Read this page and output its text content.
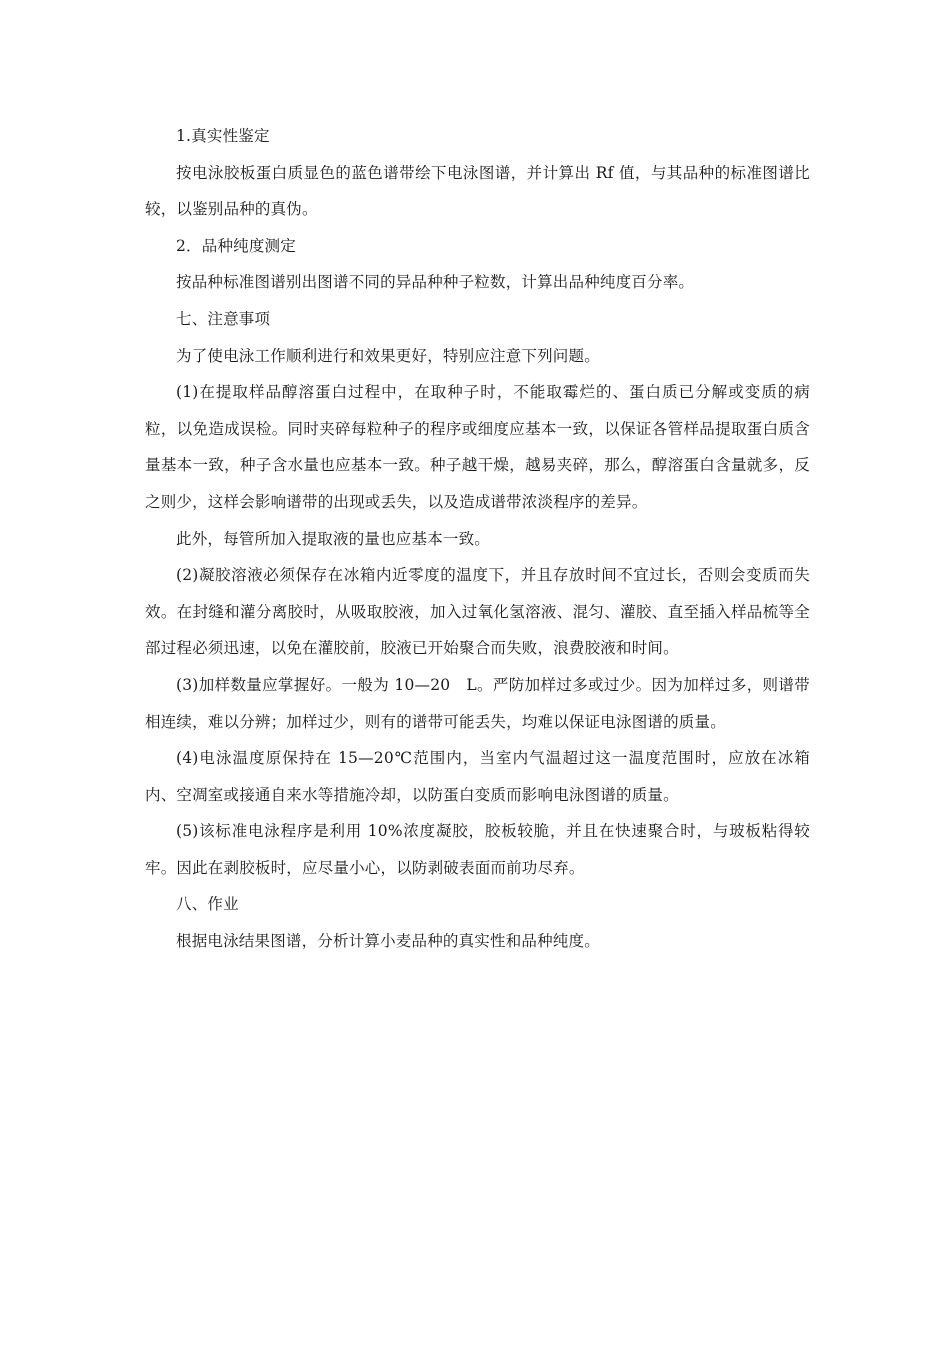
1.真实性鉴定

按电泳胶板蛋白质显色的蓝色谱带绘下电泳图谱，并计算出 Rf 值，与其品种的标准图谱比较，以鉴别品种的真伪。

2．品种纯度测定

按品种标准图谱别出图谱不同的异品种种子粒数，计算出品种纯度百分率。

七、注意事项

为了使电泳工作顺利进行和效果更好，特别应注意下列问题。

(1)在提取样品醇溶蛋白过程中，在取种子时，不能取霉烂的、蛋白质已分解或变质的病粒，以免造成误检。同时夹碎每粒种子的程序或细度应基本一致，以保证各管样品提取蛋白质含量基本一致，种子含水量也应基本一致。种子越干燥，越易夹碎，那么，醇溶蛋白含量就多，反之则少，这样会影响谱带的出现或丢失，以及造成谱带浓淡程序的差异。

此外，每管所加入提取液的量也应基本一致。

(2)凝胶溶液必须保存在冰箱内近零度的温度下，并且存放时间不宜过长，否则会变质而失效。在封缝和灌分离胶时，从吸取胶液，加入过氧化氢溶液、混匀、灌胶、直至插入样品梳等全部过程必须迅速，以免在灌胶前，胶液已开始聚合而失败，浪费胶液和时间。

(3)加样数量应掌握好。一般为 10—20　L。严防加样过多或过少。因为加样过多，则谱带相连续，难以分辨；加样过少，则有的谱带可能丢失，均难以保证电泳图谱的质量。

(4)电泳温度原保持在 15—20℃范围内，当室内气温超过这一温度范围时，应放在冰箱内、空凋室或接通自来水等措施冷却，以防蛋白变质而影响电泳图谱的质量。

(5)该标准电泳程序是利用 10%浓度凝胶，胶板较脆，并且在快速聚合时，与玻板粘得较牢。因此在剥胶板时，应尽量小心，以防剥破表面而前功尽弃。

八、作业

根据电泳结果图谱，分析计算小麦品种的真实性和品种纯度。
